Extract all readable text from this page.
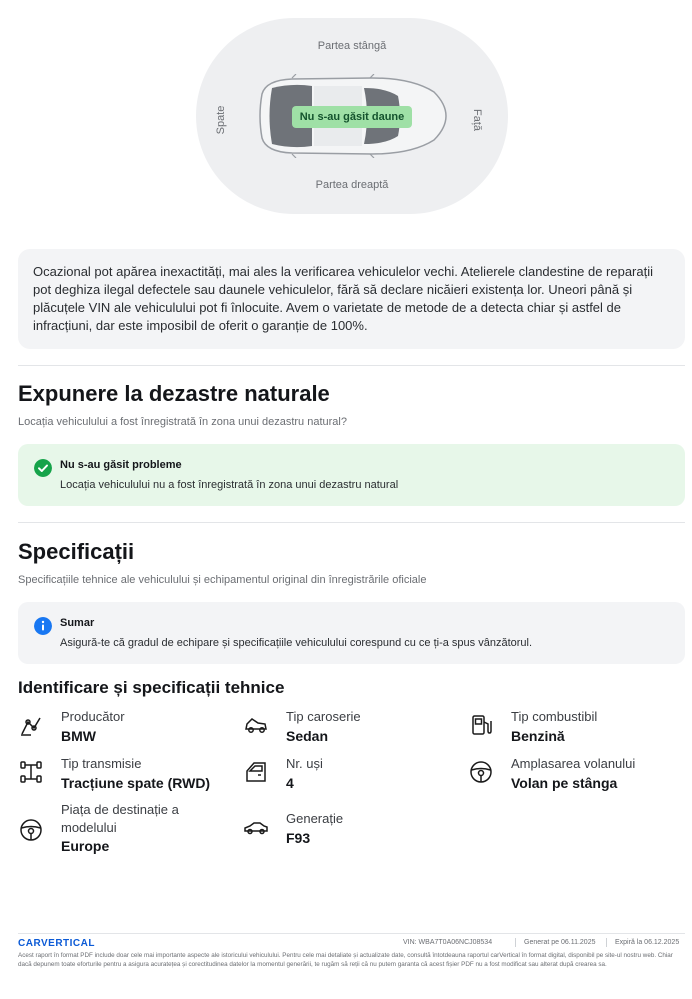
Partea stângă
Partea dreaptă
Spate	Față
Nu s-au găsit daune

Ocazional pot apărea inexactități, mai ales la verificarea vehiculelor vechi. Atelierele clandestine de reparații pot deghiza ilegal defectele sau daunele vehiculelor, fără să declare nicăieri existența lor. Uneori până și plăcuțele VIN ale vehiculului pot fi înlocuite. Avem o varietate de metode de a detecta chiar și astfel de infracțiuni, dar este imposibil de oferit o garanție de 100%.

Expunere la dezastre naturale
Locația vehiculului a fost înregistrată în zona unui dezastru natural?
Nu s-au găsit probleme
Locația vehiculului nu a fost înregistrată în zona unui dezastru natural
Specificații
Specificațiile tehnice ale vehiculului și echipamentul original din înregistrările oficiale
Sumar
Asigură-te că gradul de echipare și specificațiile vehiculului corespund cu ce ți-a spus vânzătorul.
Identificare și specificații tehnice
Producător
BMW
Tip caroserie
Sedan
Tip combustibil
Benzină
Tip transmisie
Tracțiune spate (RWD)
Nr. uși
4
Amplasarea volanului
Volan pe stânga
Piața de destinație a modelului
Europe
Generație
F93
CARVERTICAL	VIN: WBA7T0A06NCJ08534	Generat pe 06.11.2025	Expiră la 06.12.2025
Acest raport în format PDF include doar cele mai importante aspecte ale istoricului vehiculului. Pentru cele mai detaliate și actualizate date, consultă întotdeauna raportul carVertical în format digital, disponibil pe site-ul nostru web. Chiar dacă depunem toate eforturile pentru a asigura acuratețea și corectitudinea datelor la momentul generării, te rugăm să reții că nu putem garanta că acest fișier PDF nu a fost modificat sau alterat după crearea sa.
